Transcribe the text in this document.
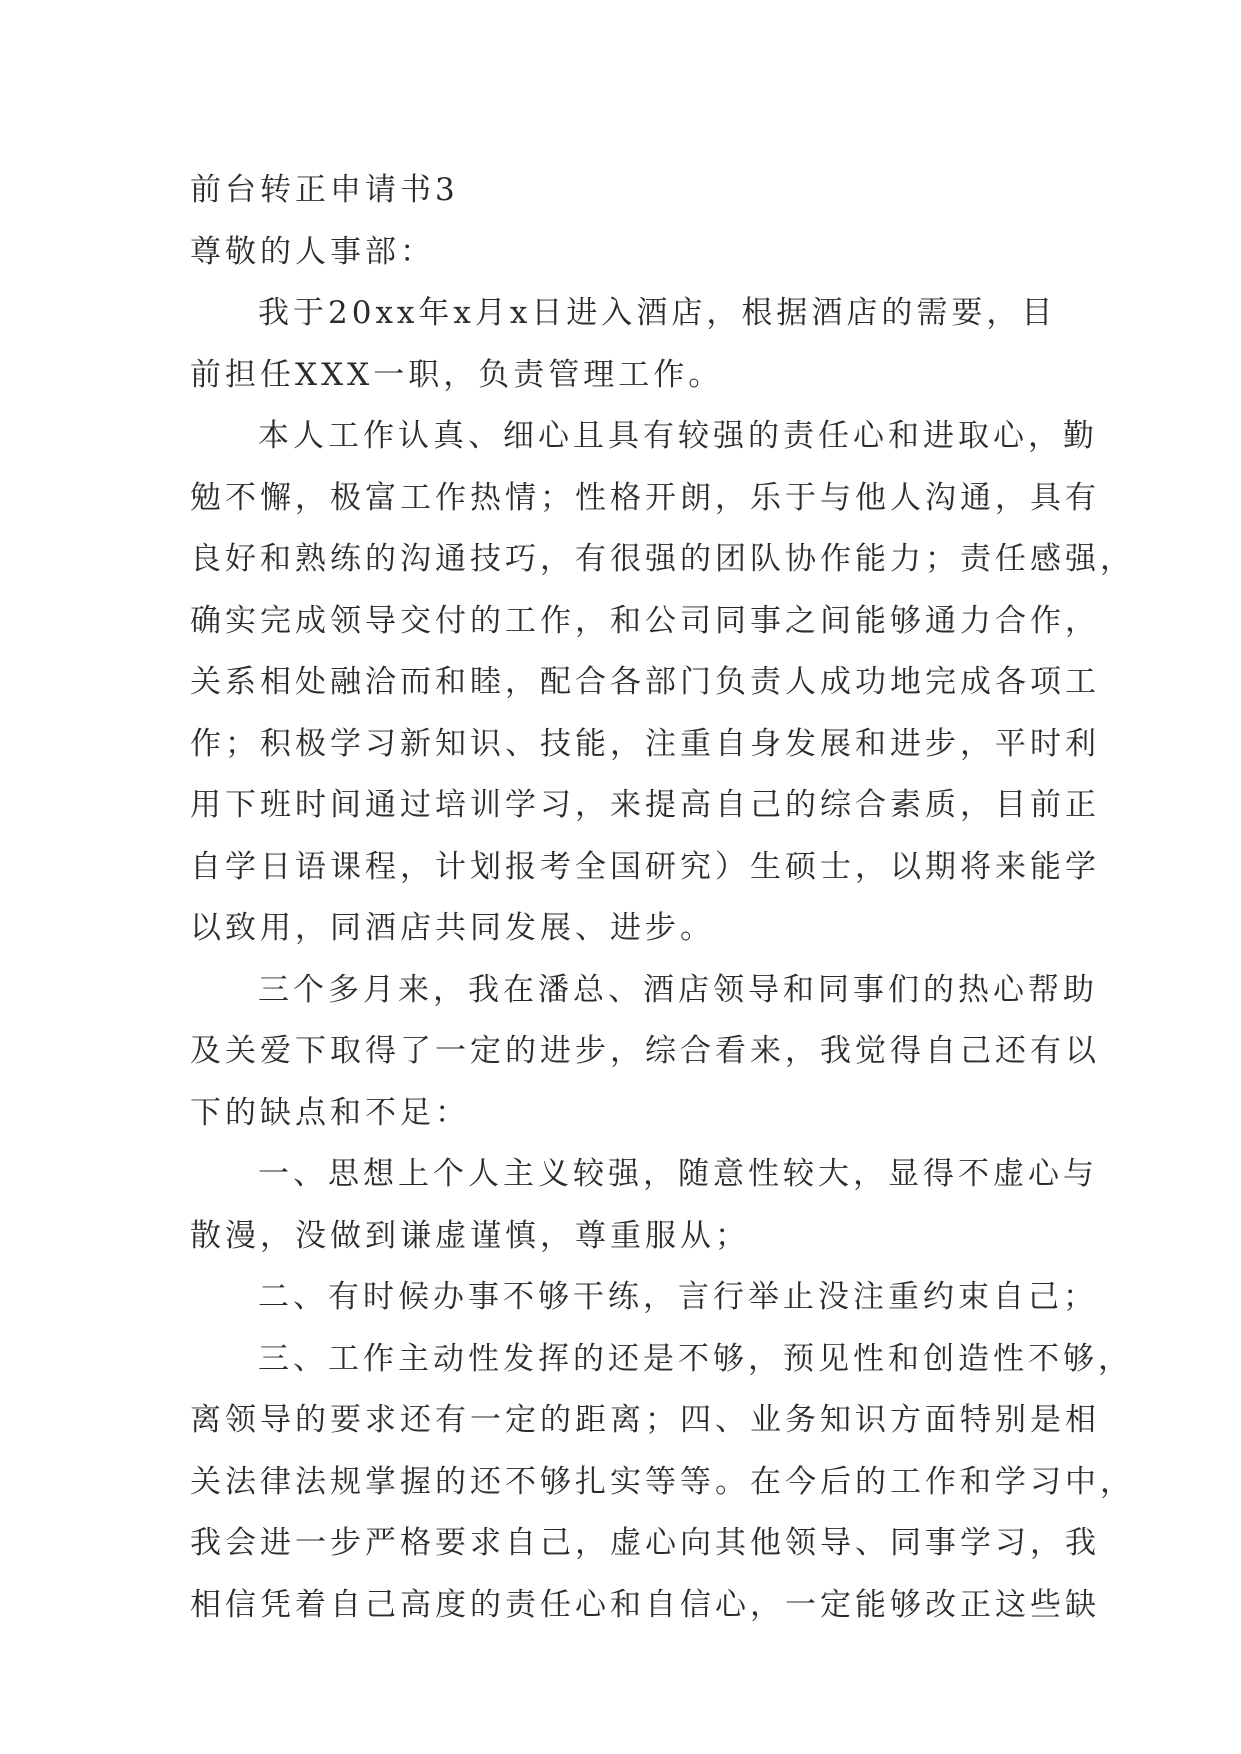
前台转正申请书3

尊敬的人事部：

我于20xx年x月x日进入酒店，根据酒店的需要，目

前担任XXX一职，负责管理工作。

本人工作认真、细心且具有较强的责任心和进取心，勤

勉不懈，极富工作热情；性格开朗，乐于与他人沟通，具有

良好和熟练的沟通技巧，有很强的团队协作能力；责任感强，

确实完成领导交付的工作，和公司同事之间能够通力合作，

关系相处融洽而和睦，配合各部门负责人成功地完成各项工

作；积极学习新知识、技能，注重自身发展和进步，平时利

用下班时间通过培训学习，来提高自己的综合素质，目前正

自学日语课程，计划报考全国研究）生硕士，以期将来能学

以致用，同酒店共同发展、进步。

三个多月来，我在潘总、酒店领导和同事们的热心帮助

及关爱下取得了一定的进步，综合看来，我觉得自己还有以

下的缺点和不足：

一、思想上个人主义较强，随意性较大，显得不虚心与

散漫，没做到谦虚谨慎，尊重服从；

二、有时候办事不够干练，言行举止没注重约束自己；

三、工作主动性发挥的还是不够，预见性和创造性不够，

离领导的要求还有一定的距离；四、业务知识方面特别是相

关法律法规掌握的还不够扎实等等。在今后的工作和学习中，

我会进一步严格要求自己，虚心向其他领导、同事学习，我

相信凭着自己高度的责任心和自信心，一定能够改正这些缺
